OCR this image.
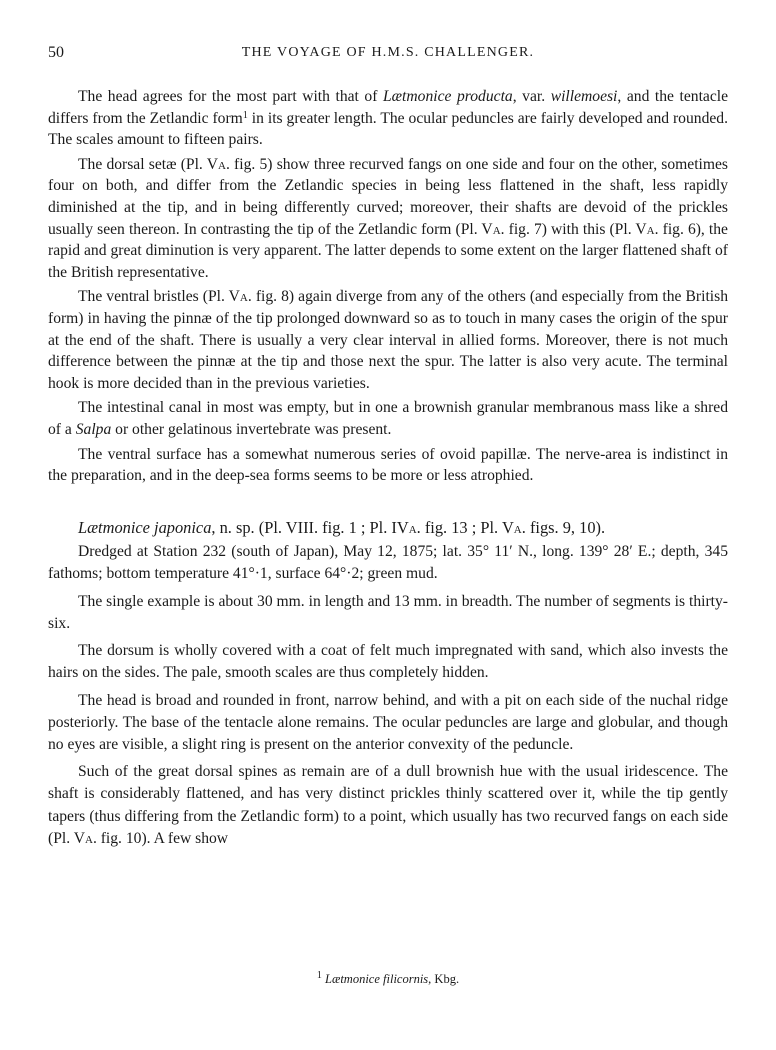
50	THE VOYAGE OF H.M.S. CHALLENGER.

The head agrees for the most part with that of Lætmonice producta, var. willemoesi, and the tentacle differs from the Zetlandic form$^1$ in its greater length. The ocular peduncles are fairly developed and rounded. The scales amount to fifteen pairs.

The dorsal setæ (Pl. Va. fig. 5) show three recurved fangs on one side and four on the other, sometimes four on both, and differ from the Zetlandic species in being less flattened in the shaft, less rapidly diminished at the tip, and in being differently curved; moreover, their shafts are devoid of the prickles usually seen thereon. In contrasting the tip of the Zetlandic form (Pl. Va. fig. 7) with this (Pl. Va. fig. 6), the rapid and great diminution is very apparent. The latter depends to some extent on the larger flattened shaft of the British representative.

The ventral bristles (Pl. Va. fig. 8) again diverge from any of the others (and especially from the British form) in having the pinnæ of the tip prolonged downward so as to touch in many cases the origin of the spur at the end of the shaft. There is usually a very clear interval in allied forms. Moreover, there is not much difference between the pinnæ at the tip and those next the spur. The latter is also very acute. The terminal hook is more decided than in the previous varieties.

The intestinal canal in most was empty, but in one a brownish granular membranous mass like a shred of a Salpa or other gelatinous invertebrate was present.

The ventral surface has a somewhat numerous series of ovoid papillæ. The nerve-area is indistinct in the preparation, and in the deep-sea forms seems to be more or less atrophied.

Lætmonice japonica, n. sp. (Pl. VIII. fig. 1 ; Pl. IVa. fig. 13 ; Pl. Va. figs. 9, 10).

Dredged at Station 232 (south of Japan), May 12, 1875; lat. 35° 11′ N., long. 139° 28′ E.; depth, 345 fathoms; bottom temperature 41°·1, surface 64°·2; green mud.

The single example is about 30 mm. in length and 13 mm. in breadth. The number of segments is thirty-six.

The dorsum is wholly covered with a coat of felt much impregnated with sand, which also invests the hairs on the sides. The pale, smooth scales are thus completely hidden.

The head is broad and rounded in front, narrow behind, and with a pit on each side of the nuchal ridge posteriorly. The base of the tentacle alone remains. The ocular peduncles are large and globular, and though no eyes are visible, a slight ring is present on the anterior convexity of the peduncle.

Such of the great dorsal spines as remain are of a dull brownish hue with the usual iridescence. The shaft is considerably flattened, and has very distinct prickles thinly scattered over it, while the tip gently tapers (thus differing from the Zetlandic form) to a point, which usually has two recurved fangs on each side (Pl. Va. fig. 10). A few show

$^1$ Lætmonice filicornis, Kbg.
